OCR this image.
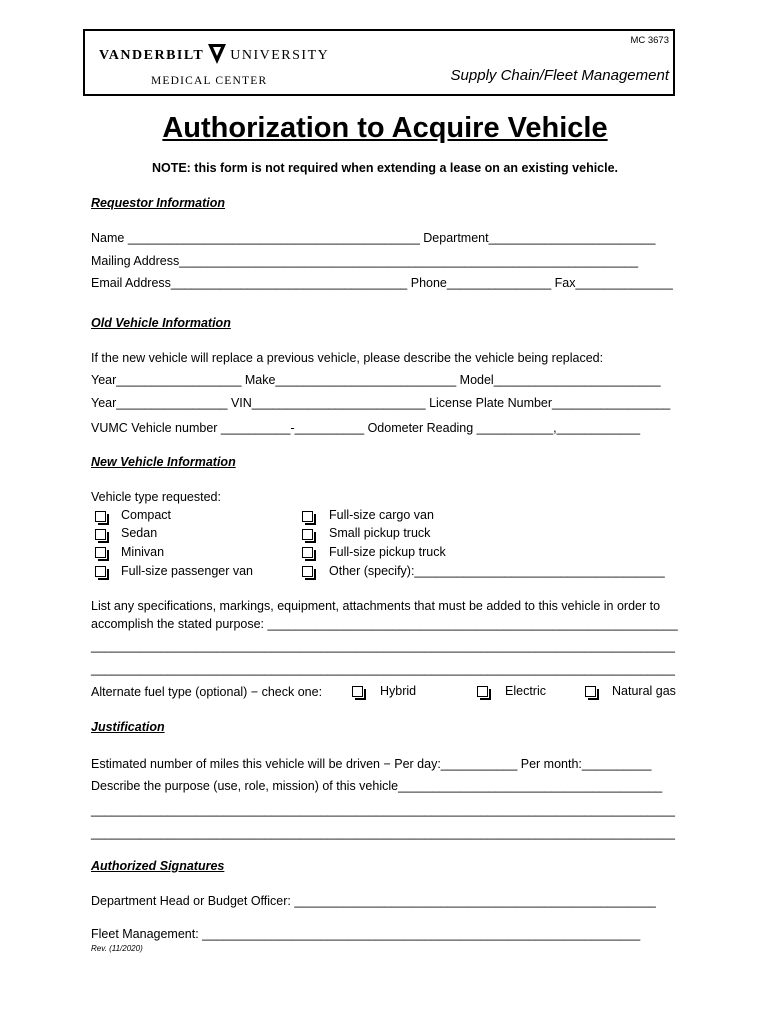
VANDERBILT UNIVERSITY
MEDICAL CENTER
MC 3673
Supply Chain/Fleet Management
Authorization to Acquire Vehicle
NOTE: this form is not required when extending a lease on an existing vehicle.
Requestor Information
Name __________________________________________ Department________________________
Mailing Address__________________________________________________________________
Email Address__________________________________ Phone_______________ Fax______________
Old Vehicle Information
If the new vehicle will replace a previous vehicle, please describe the vehicle being replaced:
Year__________________ Make__________________________ Model________________________
Year________________ VIN_________________________ License Plate Number_________________
VUMC Vehicle number __________-__________ Odometer Reading ___________,____________
New Vehicle Information
Vehicle type requested:
Compact
Sedan
Minivan
Full-size passenger van
Full-size cargo van
Small pickup truck
Full-size pickup truck
Other (specify):____________________________________
List any specifications, markings, equipment, attachments that must be added to this vehicle in order to
accomplish the stated purpose: ___________________________________________________________
____________________________________________________________________________________
____________________________________________________________________________________
Alternate fuel type (optional) − check one:	Hybrid	Electric	Natural gas
Justification
Estimated number of miles this vehicle will be driven − Per day:___________ Per month:__________
Describe the purpose (use, role, mission) of this vehicle______________________________________
____________________________________________________________________________________
____________________________________________________________________________________
Authorized Signatures
Department Head or Budget Officer: ____________________________________________________
Fleet Management: _______________________________________________________________
Rev. (11/2020)
